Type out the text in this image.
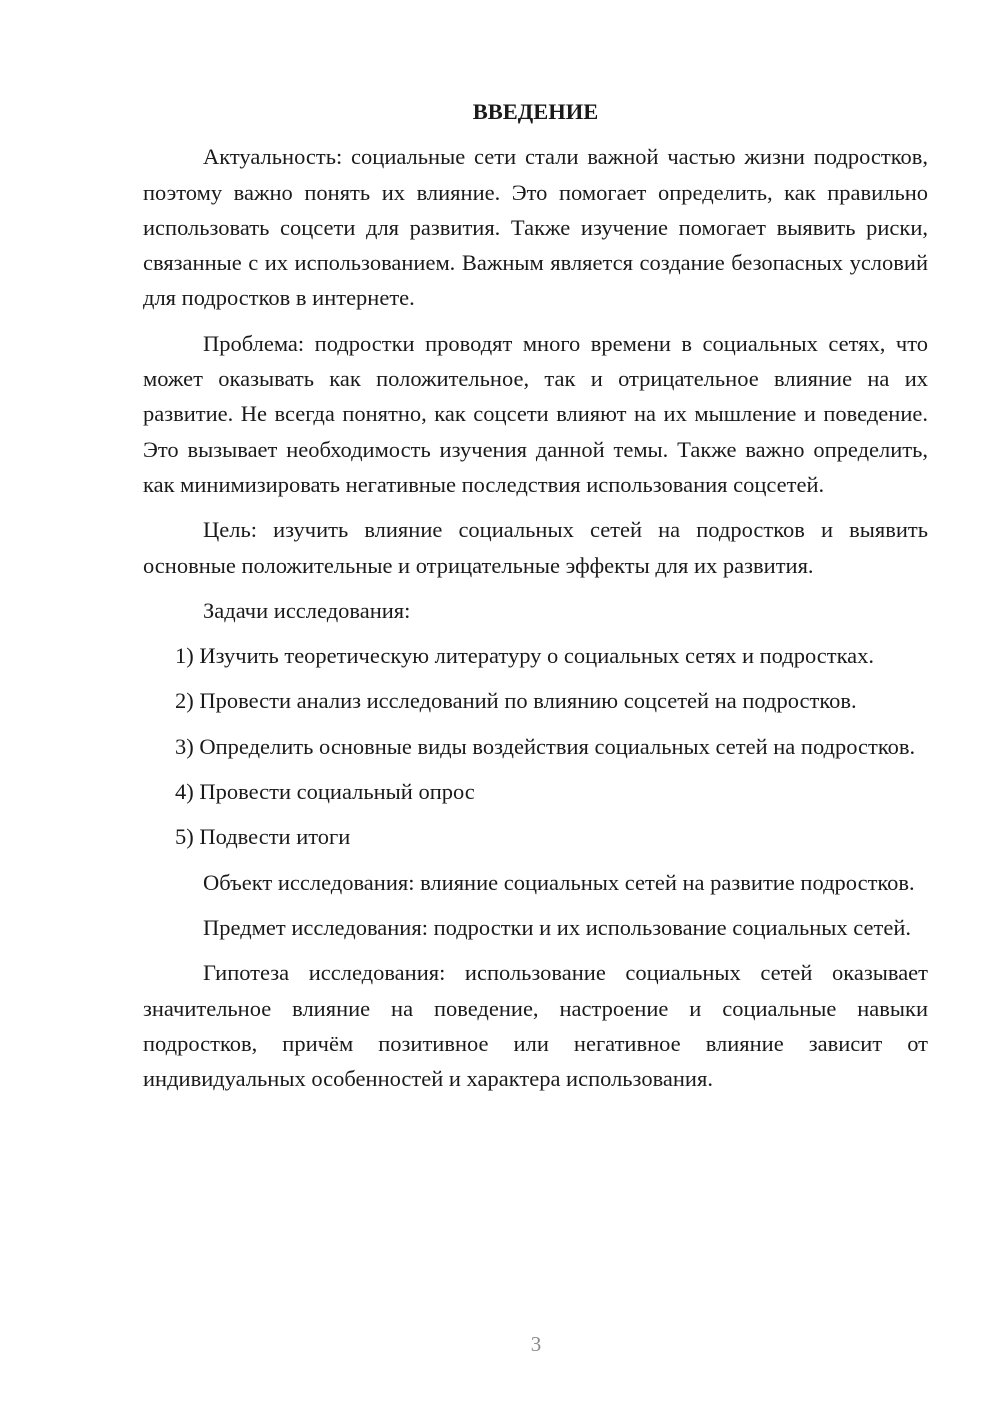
ВВЕДЕНИЕ

Актуальность: социальные сети стали важной частью жизни подростков, поэтому важно понять их влияние. Это помогает определить, как правильно использовать соцсети для развития. Также изучение помогает выявить риски, связанные с их использованием. Важным является создание безопасных условий для подростков в интернете.

Проблема: подростки проводят много времени в социальных сетях, что может оказывать как положительное, так и отрицательное влияние на их развитие. Не всегда понятно, как соцсети влияют на их мышление и поведение. Это вызывает необходимость изучения данной темы. Также важно определить, как минимизировать негативные последствия использования соцсетей.

Цель: изучить влияние социальных сетей на подростков и выявить основные положительные и отрицательные эффекты для их развития.

Задачи исследования:

1) Изучить теоретическую литературу о социальных сетях и подростках.

2) Провести анализ исследований по влиянию соцсетей на подростков.

3) Определить основные виды воздействия социальных сетей на подростков.

4) Провести социальный опрос

5) Подвести итоги

Объект исследования: влияние социальных сетей на развитие подростков.

Предмет исследования: подростки и их использование социальных сетей.

Гипотеза исследования: использование социальных сетей оказывает значительное влияние на поведение, настроение и социальные навыки подростков, причём позитивное или негативное влияние зависит от индивидуальных особенностей и характера использования.

3
